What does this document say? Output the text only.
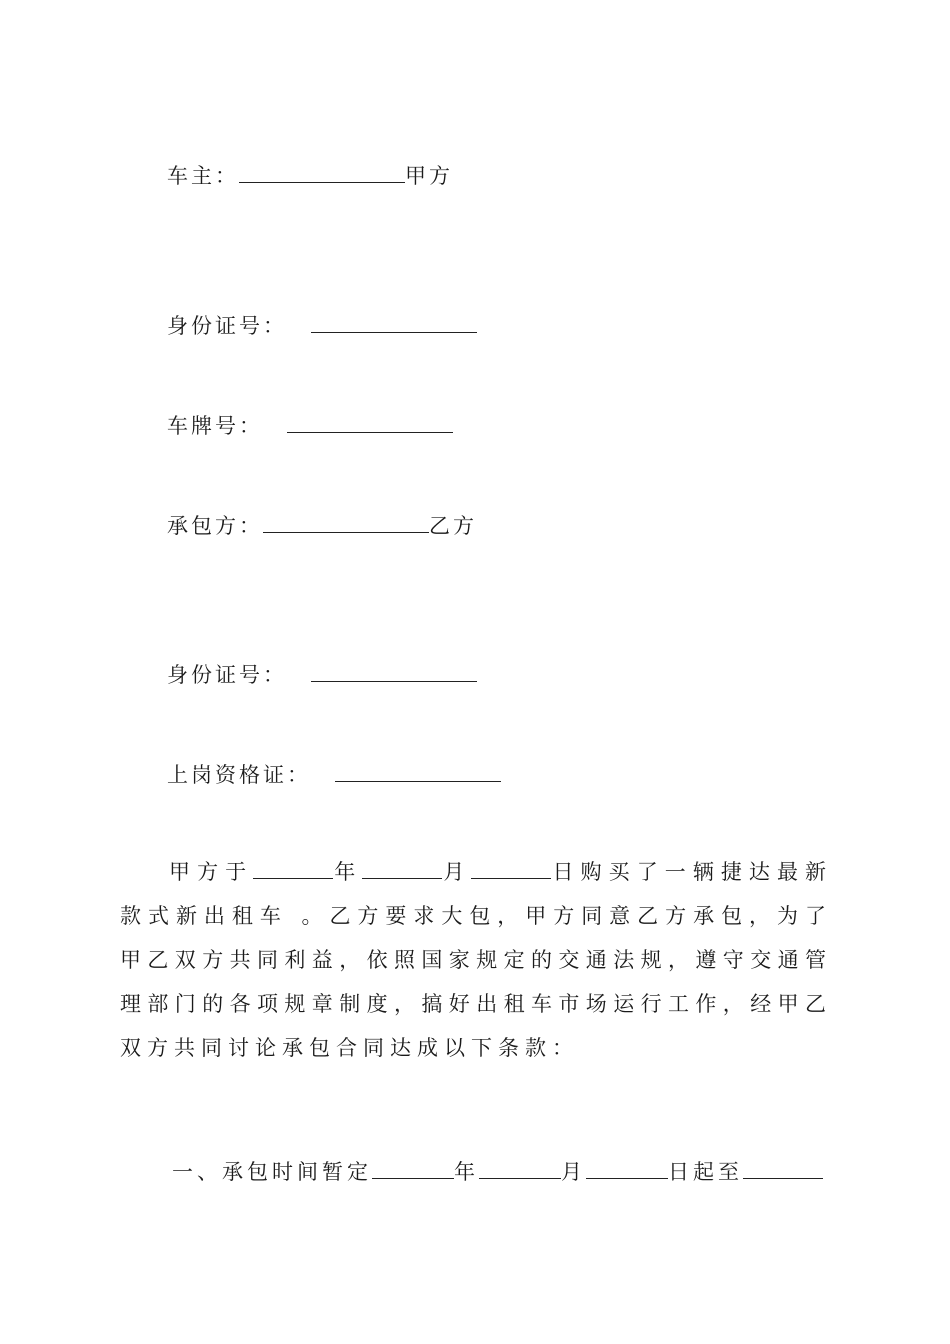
车主：	甲方
身份证号：
车牌号：
承包方：	乙方
身份证号：
上岗资格证：
甲方于	年	月	日购买了一辆捷达最新款式新出租车 。乙方要求大包，甲方同意乙方承包，为了甲乙双方共同利益，依照国家规定的交通法规，遵守交通管理部门的各项规章制度，搞好出租车市场运行工作，经甲乙双方共同讨论承包合同达成以下条款：
一、承包时间暂定	年	月	日起至
